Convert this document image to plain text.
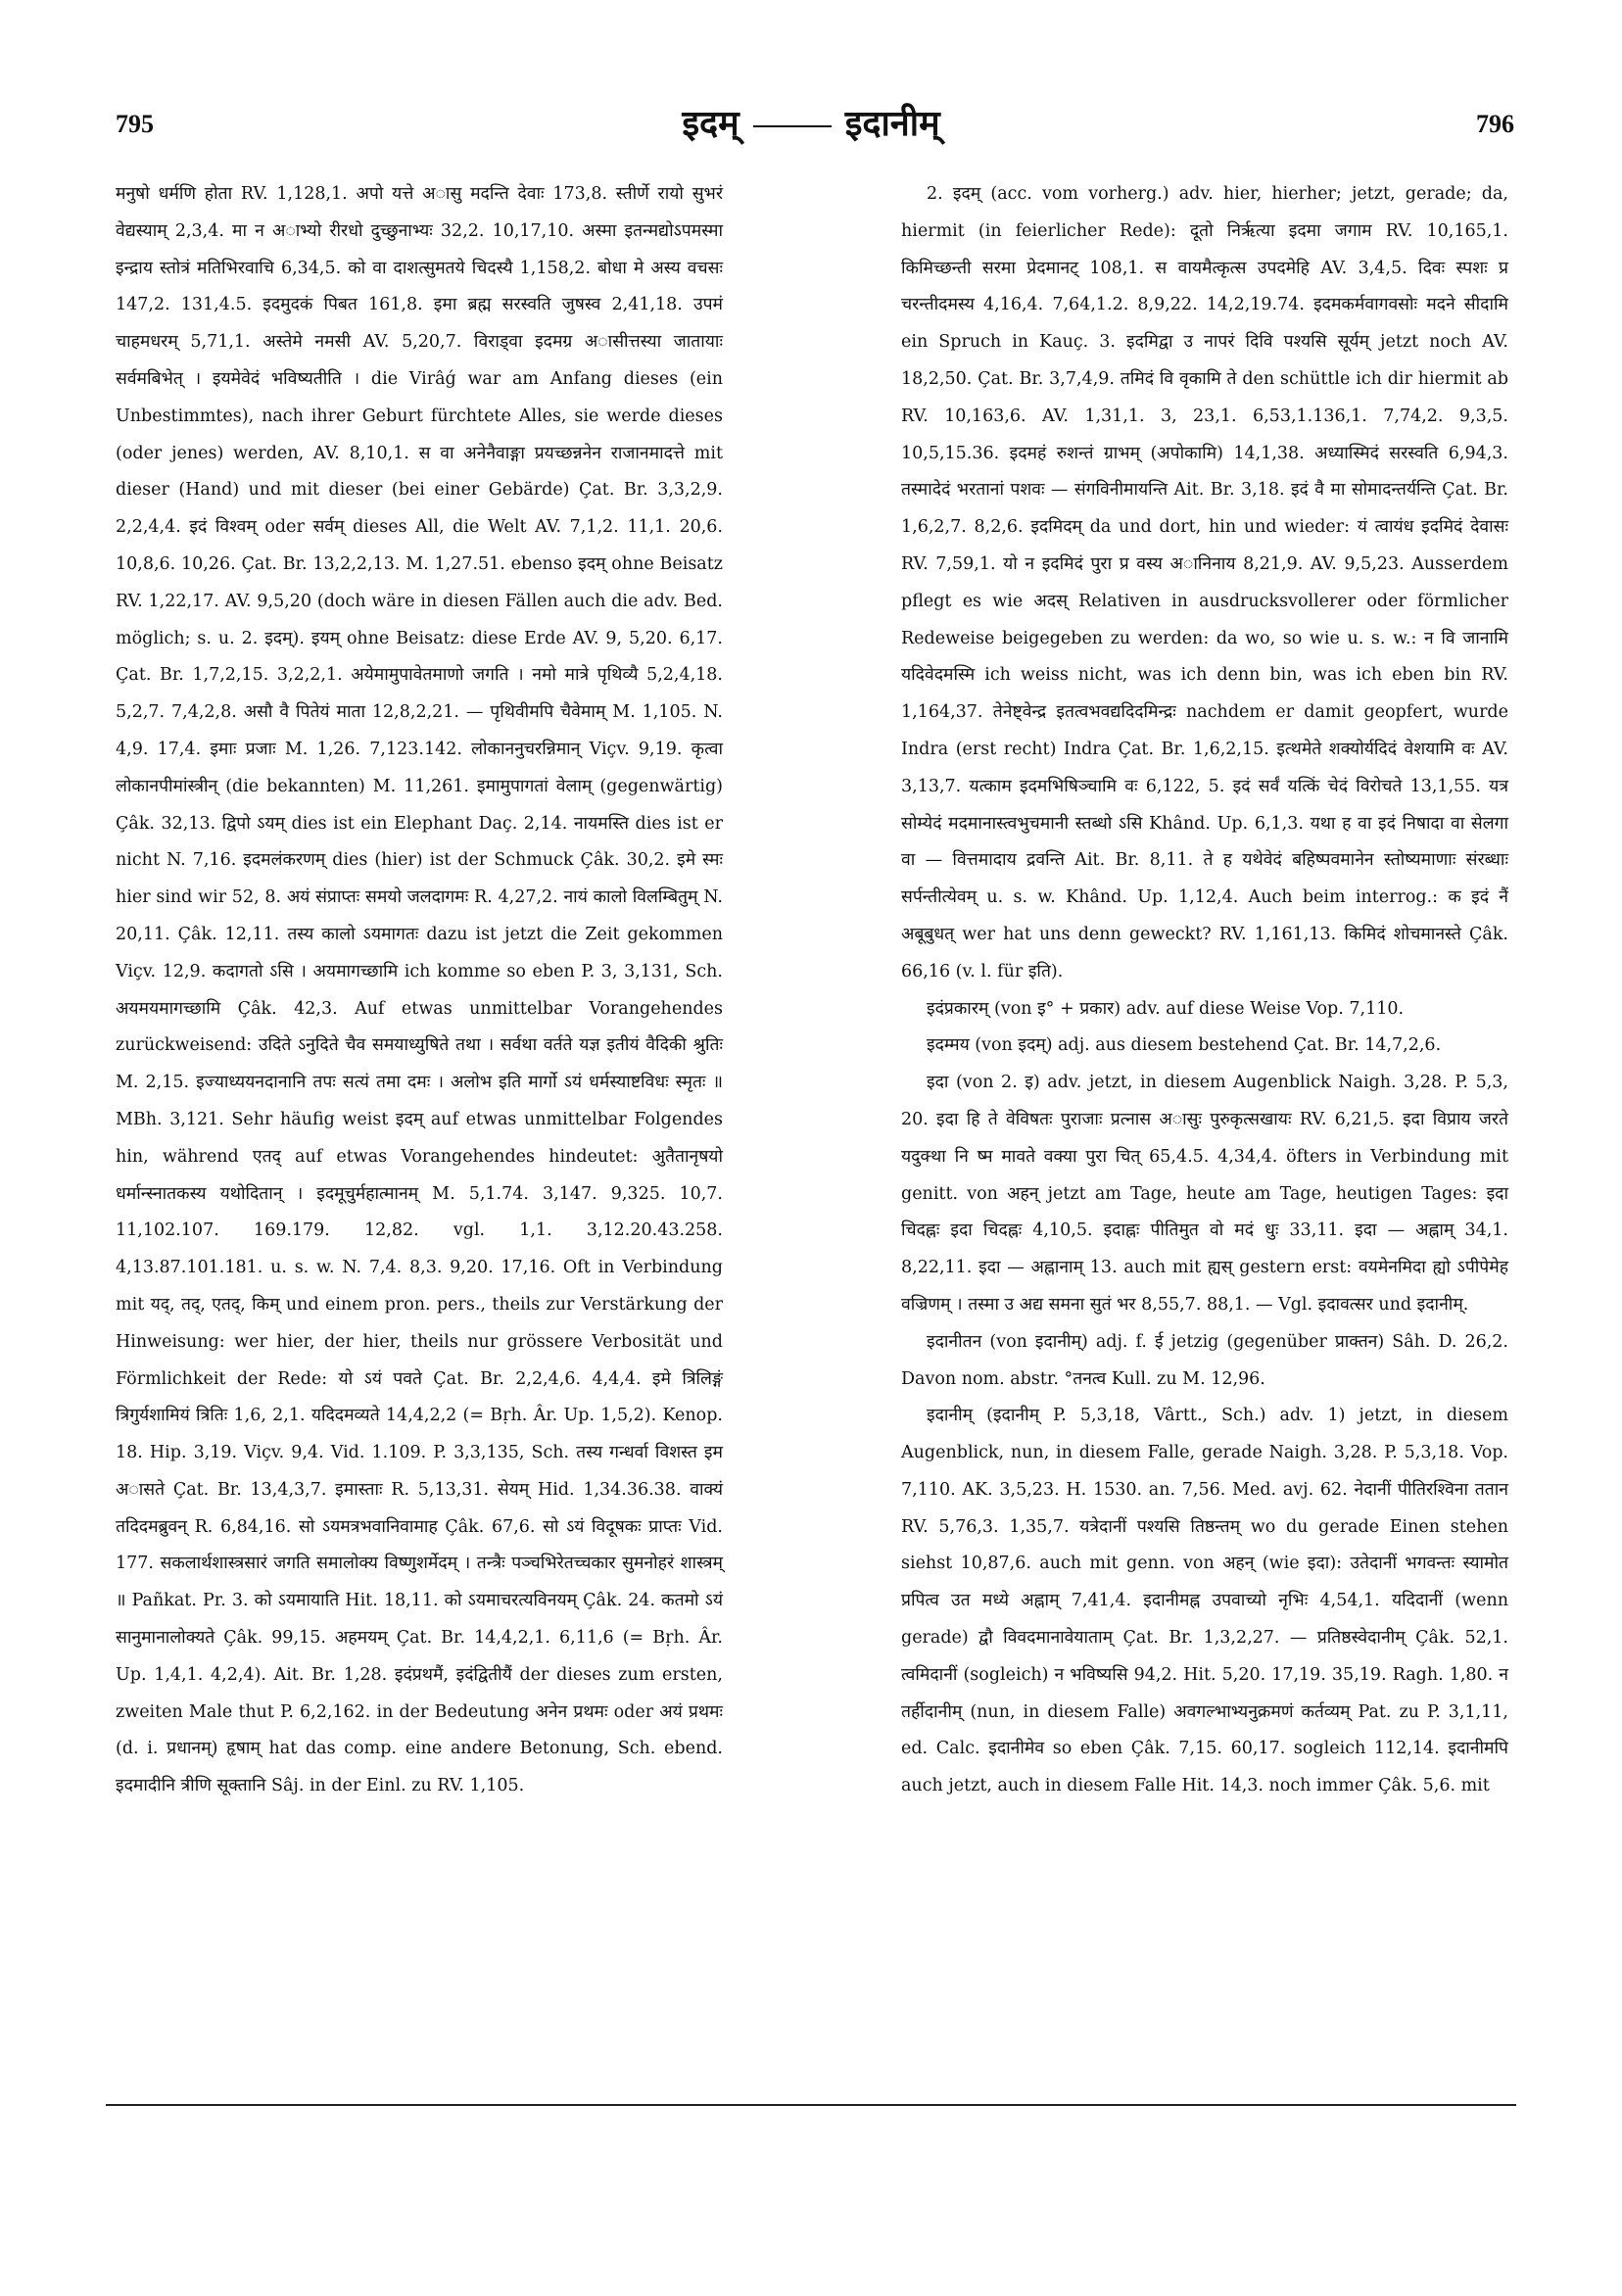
795	इदम्	इदानीम्	796

मनुषो धर्मणि होता RV. 1,128,1. अपो यत्ते अासु मदन्ति देवाः 173,8. स्तीर्णे रायो सुभरं वेद्यस्याम् 2,3,4. मा न अाभ्यो रीरधो दुच्छुनाभ्यः 32,2. 10,17,10. अस्मा इतन्मद्योऽपमस्मा इन्द्राय स्तोत्रं मतिभिरवाचि 6,34,5. को वा दाशत्सुमतये चिदस्यै 1,158,2. बोधा मे अस्य वचसः 147,2. 131,4.5. इदमुदकं पिबत 161,8. इमा ब्रह्म सरस्वति जुषस्व 2,41,18. उपमं चाहमधरम् 5,71,1. अस्तेमे नमसी AV. 5,20,7. विराड्वा इदमग्र अासीत्तस्या जातायाः सर्वमबिभेत् । इयमेवेदं भविष्यतीति । die Virâǵ war am Anfang dieses (ein Unbestimmtes), nach ihrer Geburt fürchtete Alles, sie werde dieses (oder jenes) werden, AV. 8,10,1. स वा अनेनैवाङ्गा प्रयच्छन्ननेन राजानमादत्ते mit dieser (Hand) und mit dieser (bei einer Gebärde) Çat. Br. 3,3,2,9. 2,2,4,4. इदं विश्वम् oder सर्वम् dieses All, die Welt AV. 7,1,2. 11,1. 20,6. 10,8,6. 10,26. Çat. Br. 13,2,2,13. M. 1,27.51. ebenso इदम् ohne Beisatz RV. 1,22,17. AV. 9,5,20 (doch wäre in diesen Fällen auch die adv. Bed. möglich; s. u. 2. इदम्). इयम् ohne Beisatz: diese Erde AV. 9, 5,20. 6,17. Çat. Br. 1,7,2,15. 3,2,2,1. अयेमामुपावेतमाणो जगति । नमो मात्रे पृथिव्यै 5,2,4,18. 5,2,7. 7,4,2,8. असौ वै पितेयं माता 12,8,2,21. — पृथिवीमपि चैवेमाम् M. 1,105. N. 4,9. 17,4. इमाः प्रजाः M. 1,26. 7,123.142. लोकाननुचरन्निमान् Viçv. 9,19. कृत्वा लोकानपीमांस्त्रीन् (die bekannten) M. 11,261. इमामुपागतां वेलाम् (gegenwärtig) Çâk. 32,13. द्विपो ऽयम् dies ist ein Elephant Daç. 2,14. नायमस्ति dies ist er nicht N. 7,16. इदमलंकरणम् dies (hier) ist der Schmuck Çâk. 30,2. इमे स्मः hier sind wir 52, 8. अयं संप्राप्तः समयो जलदागमः R. 4,27,2. नायं कालो विलम्बितुम् N. 20,11. Çâk. 12,11. तस्य कालो ऽयमागतः dazu ist jetzt die Zeit gekommen Viçv. 12,9. कदागतो ऽसि । अयमागच्छामि ich komme so eben P. 3, 3,131, Sch. अयमयमागच्छामि Çâk. 42,3. Auf etwas unmittelbar Vorangehendes zurückweisend: उदिते ऽनुदिते चैव समयाध्युषिते तथा । सर्वथा वर्तते यज्ञ इतीयं वैदिकी श्रुतिः M. 2,15. इज्याध्ययनदानानि तपः सत्यं तमा दमः । अलोभ इति मार्गो ऽयं धर्मस्याष्टविधः स्मृतः ॥ MBh. 3,121. Sehr häufig weist इदम् auf etwas unmittelbar Folgendes hin, während एतद् auf etwas Vorangehendes hindeutet: अुतैतानृषयो धर्मान्स्नातकस्य यथोदितान् । इदमूचुर्महात्मानम् M. 5,1.74. 3,147. 9,325. 10,7. 11,102.107. 169.179. 12,82. vgl. 1,1. 3,12.20.43.258. 4,13.87.101.181. u. s. w. N. 7,4. 8,3. 9,20. 17,16. Oft in Verbindung mit यद्, तद्, एतद्, किम् und einem pron. pers., theils zur Verstärkung der Hinweisung: wer hier, der hier, theils nur grössere Verbosität und Förmlichkeit der Rede: यो ऽयं पवते Çat. Br. 2,2,4,6. 4,4,4. इमे त्रिलिङ्गं त्रिगुर्यशामियं त्रितिः 1,6, 2,1. यदिदमव्यते 14,4,2,2 (= Bṛh. Âr. Up. 1,5,2). Kenop. 18. Hip. 3,19. Viçv. 9,4. Vid. 1.109. P. 3,3,135, Sch. तस्य गन्धर्वा विशस्त इम अासते Çat. Br. 13,4,3,7. इमास्ताः R. 5,13,31. सेयम् Hid. 1,34.36.38. वाक्यं तदिदमब्रुवन् R. 6,84,16. सो ऽयमत्रभवानिवामाह Çâk. 67,6. सो ऽयं विदूषकः प्राप्तः Vid. 177. सकलार्थशास्त्रसारं जगति समालोक्य विष्णुशर्मेदम् । तन्त्रैः पञ्चभिरेतच्चकार सुमनोहरं शास्त्रम् ॥ Pañkat. Pr. 3. को ऽयमायाति Hit. 18,11. को ऽयमाचरत्यविनयम् Çâk. 24. कतमो ऽयं सानुमानालोक्यते Çâk. 99,15. अहमयम् Çat. Br. 14,4,2,1. 6,11,6 (= Bṛh. Âr. Up. 1,4,1. 4,2,4). Ait. Br. 1,28. इदंप्रथमैं, इदंद्वितीयैं der dieses zum ersten, zweiten Male thut P. 6,2,162. in der Bedeutung अनेन प्रथमः oder अयं प्रथमः (d. i. प्रधानम्) हृषाम् hat das comp. eine andere Betonung, Sch. ebend. इदमादीनि त्रीणि सूक्तानि Sâj. in der Einl. zu RV. 1,105.

2. इदम् (acc. vom vorherg.) adv. hier, hierher; jetzt, gerade; da, hiermit (in feierlicher Rede): दूतो निर्ऋत्या इदमा जगाम RV. 10,165,1. किमिच्छन्ती सरमा प्रेदमानट् 108,1. स वायमैत्कृत्स उपदमेहि AV. 3,4,5. दिवः स्पशः प्र चरन्तीदमस्य 4,16,4. 7,64,1.2. 8,9,22. 14,2,19.74. इदमकर्मवागवसोः मदने सीदामि ein Spruch in Kauç. 3. इदमिद्वा उ नापरं दिवि पश्यसि सूर्यम् jetzt noch AV. 18,2,50. Çat. Br. 3,7,4,9. तमिदं वि वृकामि ते den schüttle ich dir hiermit ab RV. 10,163,6. AV. 1,31,1. 3, 23,1. 6,53,1.136,1. 7,74,2. 9,3,5. 10,5,15.36. इदमहं रुशन्तं ग्राभम् (अपोकामि) 14,1,38. अध्यास्मिदं सरस्वति 6,94,3. तस्मादेदं भरतानां पशवः — संगविनीमायन्ति Ait. Br. 3,18. इदं वै मा सोमादन्तर्यन्ति Çat. Br. 1,6,2,7. 8,2,6. इदमिदम् da und dort, hin und wieder: यं त्वायंध इदमिदं देवासः RV. 7,59,1. यो न इदमिदं पुरा प्र वस्य अानिनाय 8,21,9. AV. 9,5,23. Ausserdem pflegt es wie अदस् Relativen in ausdrucksvollerer oder förmlicher Redeweise beigegeben zu werden: da wo, so wie u. s. w.: न वि जानामि यदिवेदमस्मि ich weiss nicht, was ich denn bin, was ich eben bin RV. 1,164,37. तेनेष्ट्वेन्द्र इतत्वभवद्यदिदमिन्द्रः nachdem er damit geopfert, wurde Indra (erst recht) Indra Çat. Br. 1,6,2,15. इत्थमेते शक्योर्यदिदं वेशयामि वः AV. 3,13,7. यत्काम इदमभिषिञ्चामि वः 6,122, 5. इदं सर्वं यत्किं चेदं विरोचते 13,1,55. यत्र सोम्येदं मदमानास्त्वभुचमानी स्तब्धो ऽसि Khând. Up. 6,1,3. यथा ह वा इदं निषादा वा सेलगा वा — वित्तमादाय द्रवन्ति Ait. Br. 8,11. ते ह यथेवेदं बहिष्पवमानेन स्तोष्यमाणाः संरब्धाः सर्पन्तीत्येवम् u. s. w. Khând. Up. 1,12,4. Auch beim interrog.: क इदं नैं अबूबुधत् wer hat uns denn geweckt? RV. 1,161,13. किमिदं शोचमानस्ते Çâk. 66,16 (v. l. für इति).

इदंप्रकारम् (von इ° + प्रकार) adv. auf diese Weise Vop. 7,110.

इदम्मय (von इदम्) adj. aus diesem bestehend Çat. Br. 14,7,2,6.

इदा (von 2. इ) adv. jetzt, in diesem Augenblick Naigh. 3,28. P. 5,3, 20. इदा हि ते वेविषतः पुराजाः प्रत्नास अासुः पुरुकृत्सखायः RV. 6,21,5. इदा विप्राय जरते यदुक्था नि ष्म मावते वक्या पुरा चित् 65,4.5. 4,34,4. öfters in Verbindung mit genitt. von अहन् jetzt am Tage, heute am Tage, heutigen Tages: इदा चिदह्नः इदा चिदह्नः 4,10,5. इदाह्नः पीतिमुत वो मदं धुः 33,11. इदा — अह्नाम् 34,1. 8,22,11. इदा — अह्नानाम् 13. auch mit ह्यस् gestern erst: वयमेनमिदा ह्यो ऽपीपेमेह वज्रिणम् । तस्मा उ अद्य समना सुतं भर 8,55,7. 88,1. — Vgl. इदावत्सर und इदानीम्.

इदानीतन (von इदानीम्) adj. f. ई jetzig (gegenüber प्राक्तन) Sâh. D. 26,2. Davon nom. abstr. °तनत्व Kull. zu M. 12,96.

इदानीम् (इदानीम् P. 5,3,18, Vârtt., Sch.) adv. 1) jetzt, in diesem Augenblick, nun, in diesem Falle, gerade Naigh. 3,28. P. 5,3,18. Vop. 7,110. AK. 3,5,23. H. 1530. an. 7,56. Med. avj. 62. नेदानीं पीतिरश्विना ततान RV. 5,76,3. 1,35,7. यत्रेदानीं पश्यसि तिष्ठन्तम् wo du gerade Einen stehen siehst 10,87,6. auch mit genn. von अहन् (wie इदा): उतेदानीं भगवन्तः स्यामोत प्रपित्व उत मध्ये अह्नाम् 7,41,4. इदानीमह्न उपवाच्यो नृभिः 4,54,1. यदिदानीं (wenn gerade) द्वौ विवदमानावेयाताम् Çat. Br. 1,3,2,27. — प्रतिष्ठस्वेदानीम् Çâk. 52,1. त्वमिदानीं (sogleich) न भविष्यसि 94,2. Hit. 5,20. 17,19. 35,19. Ragh. 1,80. न तर्हीदानीम् (nun, in diesem Falle) अवगल्भाभ्यनुक्रमणं कर्तव्यम् Pat. zu P. 3,1,11, ed. Calc. इदानीमेव so eben Çâk. 7,15. 60,17. sogleich 112,14. इदानीमपि auch jetzt, auch in diesem Falle Hit. 14,3. noch immer Çâk. 5,6. mit
